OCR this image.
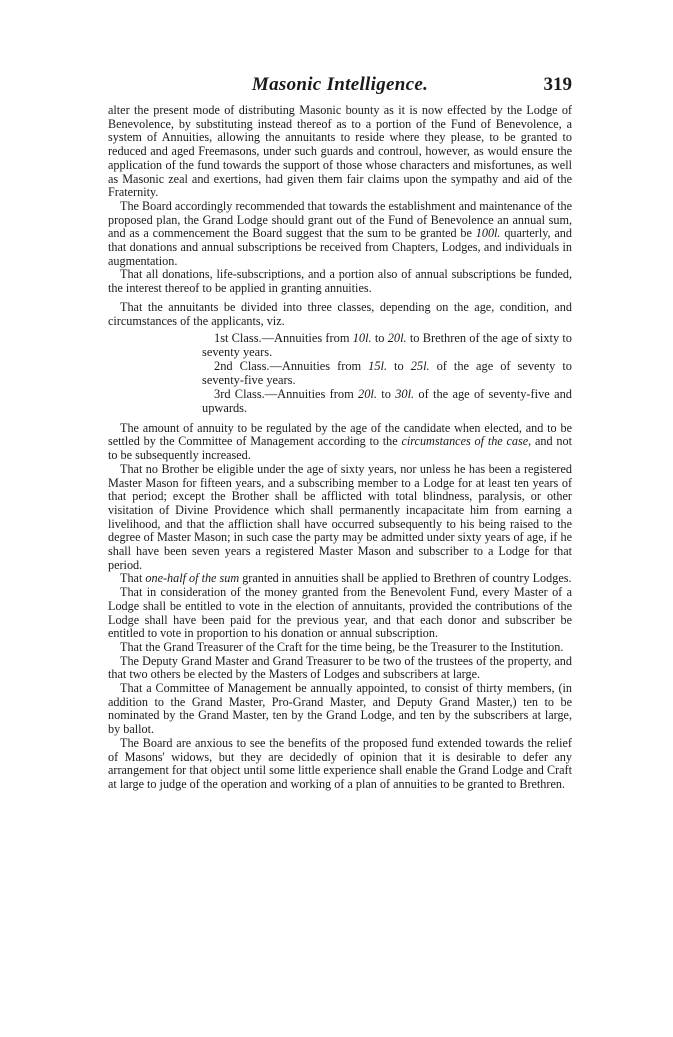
Masonic Intelligence.	319

alter the present mode of distributing Masonic bounty as it is now effected by the Lodge of Benevolence, by substituting instead thereof as to a portion of the Fund of Benevolence, a system of Annuities, allowing the annuitants to reside where they please, to be granted to reduced and aged Freemasons, under such guards and controul, however, as would ensure the application of the fund towards the support of those whose characters and misfortunes, as well as Masonic zeal and exertions, had given them fair claims upon the sympathy and aid of the Fraternity.

The Board accordingly recommended that towards the establishment and maintenance of the proposed plan, the Grand Lodge should grant out of the Fund of Benevolence an annual sum, and as a commencement the Board suggest that the sum to be granted be 100l. quarterly, and that donations and annual subscriptions be received from Chapters, Lodges, and individuals in augmentation.

That all donations, life-subscriptions, and a portion also of annual subscriptions be funded, the interest thereof to be applied in granting annuities.

That the annuitants be divided into three classes, depending on the age, condition, and circumstances of the applicants, viz.

1st Class.—Annuities from 10l. to 20l. to Brethren of the age of sixty to seventy years.

2nd Class.—Annuities from 15l. to 25l. of the age of seventy to seventy-five years.

3rd Class.—Annuities from 20l. to 30l. of the age of seventy-five and upwards.

The amount of annuity to be regulated by the age of the candidate when elected, and to be settled by the Committee of Management according to the circumstances of the case, and not to be subsequently increased.

That no Brother be eligible under the age of sixty years, nor unless he has been a registered Master Mason for fifteen years, and a subscribing member to a Lodge for at least ten years of that period; except the Brother shall be afflicted with total blindness, paralysis, or other visitation of Divine Providence which shall permanently incapacitate him from earning a livelihood, and that the affliction shall have occurred subsequently to his being raised to the degree of Master Mason; in such case the party may be admitted under sixty years of age, if he shall have been seven years a registered Master Mason and subscriber to a Lodge for that period.

That one-half of the sum granted in annuities shall be applied to Brethren of country Lodges.

That in consideration of the money granted from the Benevolent Fund, every Master of a Lodge shall be entitled to vote in the election of annuitants, provided the contributions of the Lodge shall have been paid for the previous year, and that each donor and subscriber be entitled to vote in proportion to his donation or annual subscription.

That the Grand Treasurer of the Craft for the time being, be the Treasurer to the Institution.

The Deputy Grand Master and Grand Treasurer to be two of the trustees of the property, and that two others be elected by the Masters of Lodges and subscribers at large.

That a Committee of Management be annually appointed, to consist of thirty members, (in addition to the Grand Master, Pro-Grand Master, and Deputy Grand Master,) ten to be nominated by the Grand Master, ten by the Grand Lodge, and ten by the subscribers at large, by ballot.

The Board are anxious to see the benefits of the proposed fund extended towards the relief of Masons' widows, but they are decidedly of opinion that it is desirable to defer any arrangement for that object until some little experience shall enable the Grand Lodge and Craft at large to judge of the operation and working of a plan of annuities to be granted to Brethren.
